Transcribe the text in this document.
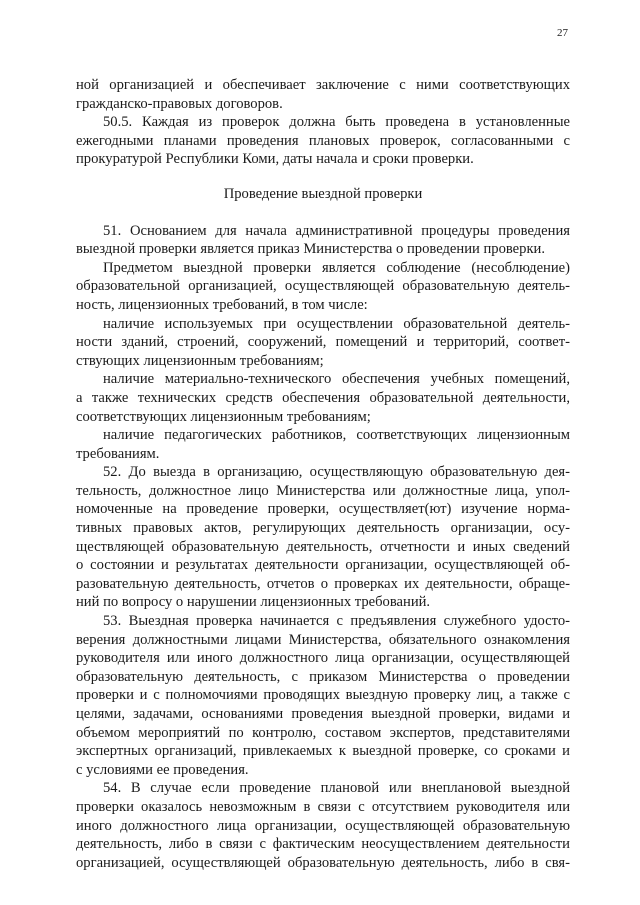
27
ной организацией и обеспечивает заключение с ними соответствующих
гражданско-правовых договоров.
50.5. Каждая из проверок должна быть проведена в установленные
ежегодными планами проведения плановых проверок, согласованными с
прокуратурой Республики Коми, даты начала и сроки проверки.
Проведение выездной проверки
51. Основанием для начала административной процедуры проведения
выездной проверки является приказ Министерства о проведении проверки.
Предметом выездной проверки является соблюдение (несоблюдение)
образовательной организацией, осуществляющей образовательную деятель-
ность, лицензионных требований, в том числе:
наличие используемых при осуществлении образовательной деятель-
ности зданий, строений, сооружений, помещений и территорий, соответ-
ствующих лицензионным требованиям;
наличие материально-технического обеспечения учебных помещений,
а также технических средств обеспечения образовательной деятельности,
соответствующих лицензионным требованиям;
наличие педагогических работников, соответствующих лицензионным
требованиям.
52. До выезда в организацию, осуществляющую образовательную дея-
тельность, должностное лицо Министерства или должностные лица, упол-
номоченные на проведение проверки, осуществляет(ют) изучение норма-
тивных правовых актов, регулирующих деятельность организации, осу-
ществляющей образовательную деятельность, отчетности и иных сведений
о состоянии и результатах деятельности организации, осуществляющей об-
разовательную деятельность, отчетов о проверках их деятельности, обраще-
ний по вопросу о нарушении лицензионных требований.
53. Выездная проверка начинается с предъявления служебного удосто-
верения должностными лицами Министерства, обязательного ознакомления
руководителя или иного должностного лица организации, осуществляющей
образовательную деятельность, с приказом Министерства о проведении
проверки и с полномочиями проводящих выездную проверку лиц, а также с
целями, задачами, основаниями проведения выездной проверки, видами и
объемом мероприятий по контролю, составом экспертов, представителями
экспертных организаций, привлекаемых к выездной проверке, со сроками и
с условиями ее проведения.
54. В случае если проведение плановой или внеплановой выездной
проверки оказалось невозможным в связи с отсутствием руководителя или
иного должностного лица организации, осуществляющей образовательную
деятельность, либо в связи с фактическим неосуществлением деятельности
организацией, осуществляющей образовательную деятельность, либо в свя-
